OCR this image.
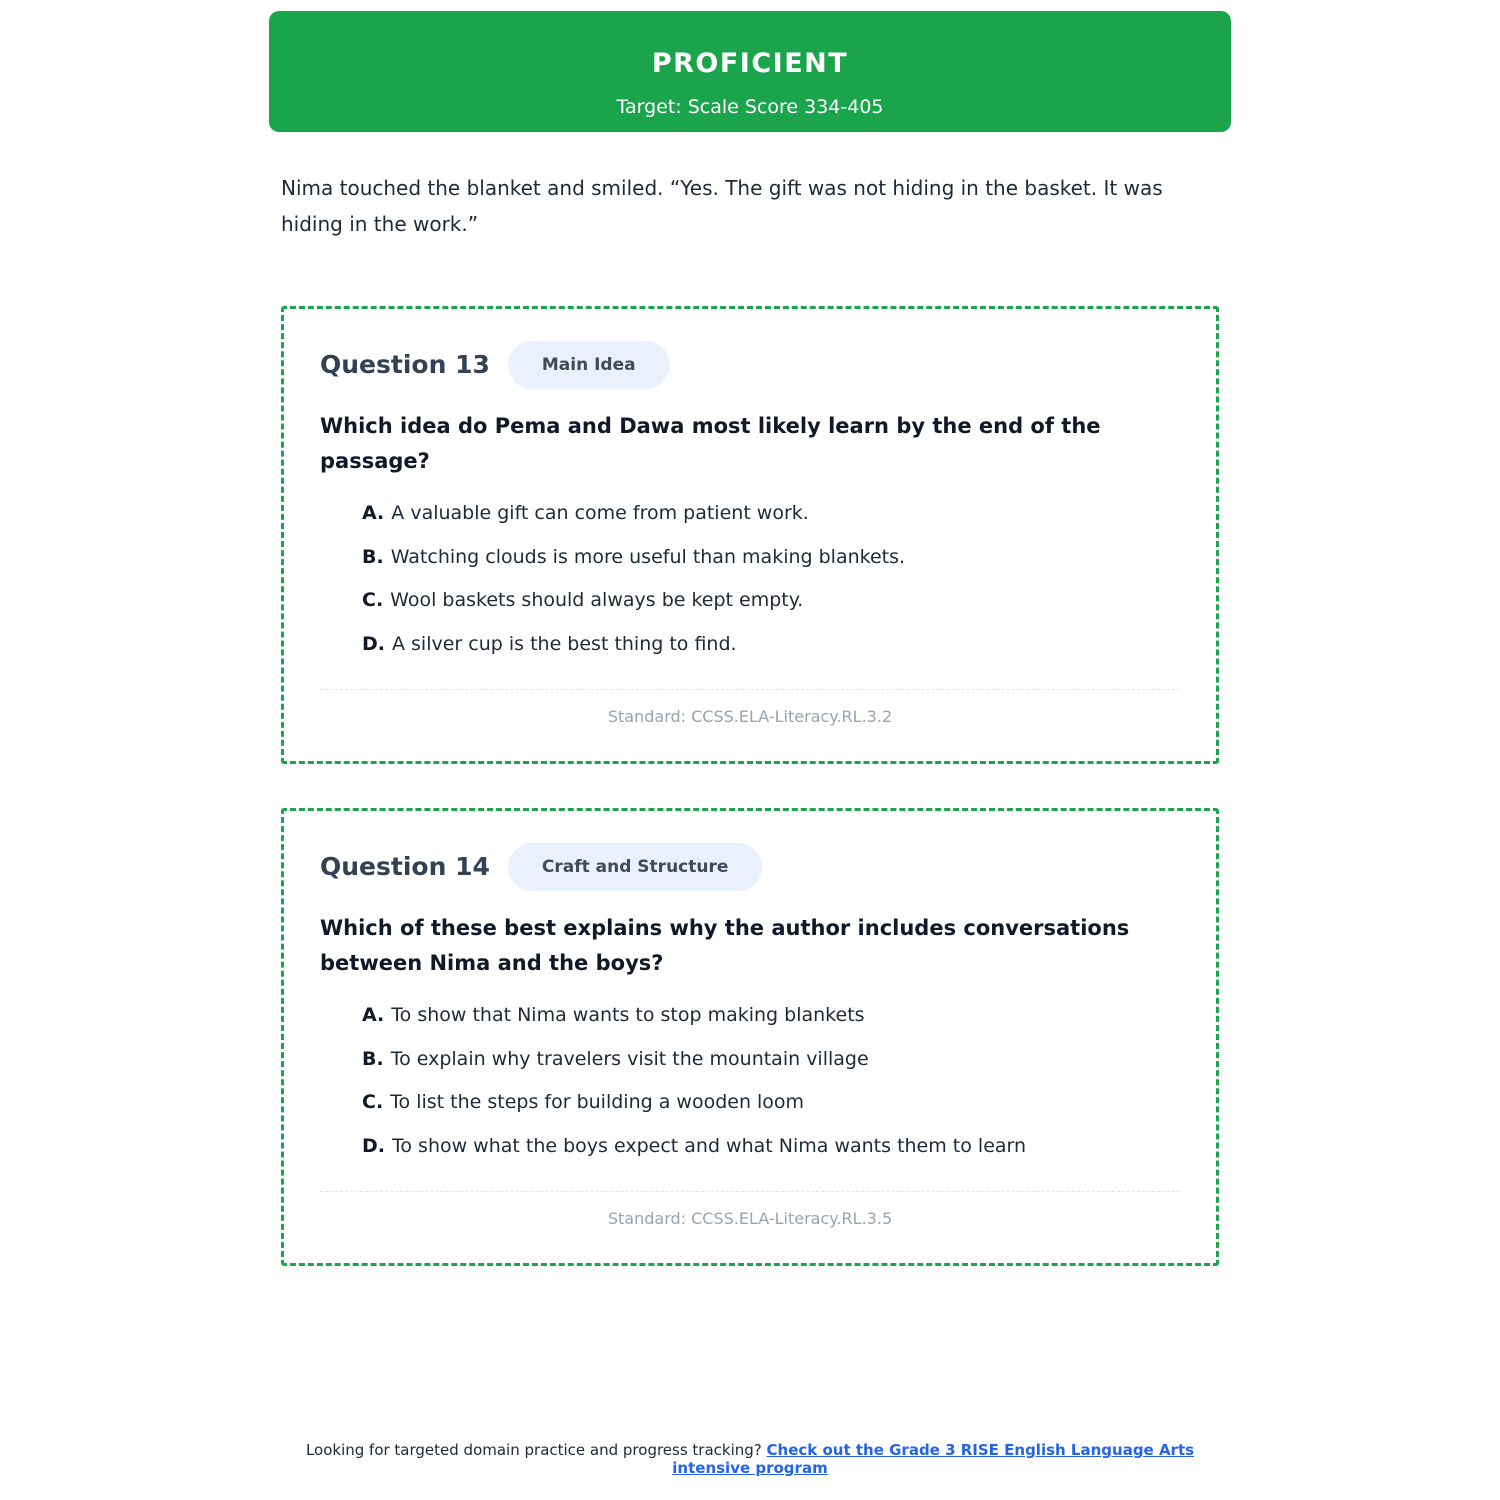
PROFICIENT
Target: Scale Score 334-405

Nima touched the blanket and smiled. “Yes. The gift was not hiding in the basket. It was hiding in the work.”

Question 13	Main Idea

Which idea do Pema and Dawa most likely learn by the end of the passage?

A. A valuable gift can come from patient work.
B. Watching clouds is more useful than making blankets.
C. Wool baskets should always be kept empty.
D. A silver cup is the best thing to find.
Standard: CCSS.ELA-Literacy.RL.3.2
Question 14	Craft and Structure

Which of these best explains why the author includes conversations between Nima and the boys?

A. To show that Nima wants to stop making blankets
B. To explain why travelers visit the mountain village
C. To list the steps for building a wooden loom
D. To show what the boys expect and what Nima wants them to learn
Standard: CCSS.ELA-Literacy.RL.3.5
Looking for targeted domain practice and progress tracking? Check out the Grade 3 RISE English Language Arts intensive program
